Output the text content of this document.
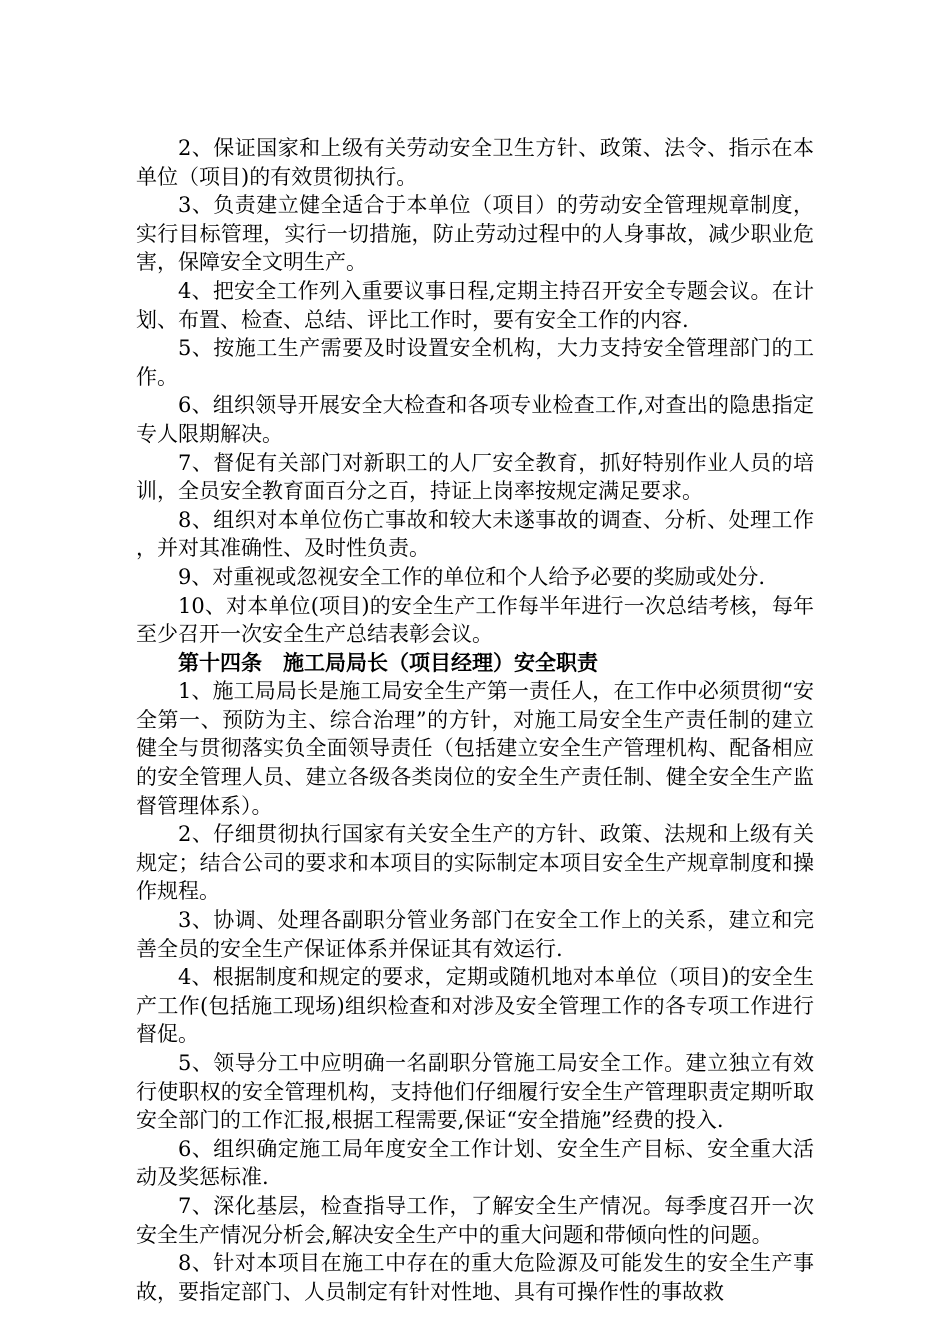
2、保证国家和上级有关劳动安全卫生方针、政策、法令、指示在本单位（项目)的有效贯彻执行。

3、负责建立健全适合于本单位（项目）的劳动安全管理规章制度，实行目标管理，实行一切措施，防止劳动过程中的人身事故，减少职业危害，保障安全文明生产。

4、把安全工作列入重要议事日程,定期主持召开安全专题会议。在计划、布置、检查、总结、评比工作时，要有安全工作的内容.

5、按施工生产需要及时设置安全机构，大力支持安全管理部门的工作。

6、组织领导开展安全大检查和各项专业检查工作,对查出的隐患指定专人限期解决。

7、督促有关部门对新职工的人厂安全教育，抓好特别作业人员的培训，全员安全教育面百分之百，持证上岗率按规定满足要求。

8、组织对本单位伤亡事故和较大未遂事故的调查、分析、处理工作，并对其准确性、及时性负责。

9、对重视或忽视安全工作的单位和个人给予必要的奖励或处分.

10、对本单位(项目)的安全生产工作每半年进行一次总结考核，每年至少召开一次安全生产总结表彰会议。

第十四条　施工局局长（项目经理）安全职责

1、施工局局长是施工局安全生产第一责任人，在工作中必须贯彻“安全第一、预防为主、综合治理”的方针，对施工局安全生产责任制的建立健全与贯彻落实负全面领导责任（包括建立安全生产管理机构、配备相应的安全管理人员、建立各级各类岗位的安全生产责任制、健全安全生产监督管理体系）。

2、仔细贯彻执行国家有关安全生产的方针、政策、法规和上级有关规定；结合公司的要求和本项目的实际制定本项目安全生产规章制度和操作规程。

3、协调、处理各副职分管业务部门在安全工作上的关系，建立和完善全员的安全生产保证体系并保证其有效运行.

4、根据制度和规定的要求，定期或随机地对本单位（项目)的安全生产工作(包括施工现场)组织检查和对涉及安全管理工作的各专项工作进行督促。

5、领导分工中应明确一名副职分管施工局安全工作。建立独立有效行使职权的安全管理机构，支持他们仔细履行安全生产管理职责定期听取安全部门的工作汇报,根据工程需要,保证“安全措施”经费的投入.

6、组织确定施工局年度安全工作计划、安全生产目标、安全重大活动及奖惩标准.

7、深化基层，检查指导工作，了解安全生产情况。每季度召开一次安全生产情况分析会,解决安全生产中的重大问题和带倾向性的问题。

8、针对本项目在施工中存在的重大危险源及可能发生的安全生产事故，要指定部门、人员制定有针对性地、具有可操作性的事故救
